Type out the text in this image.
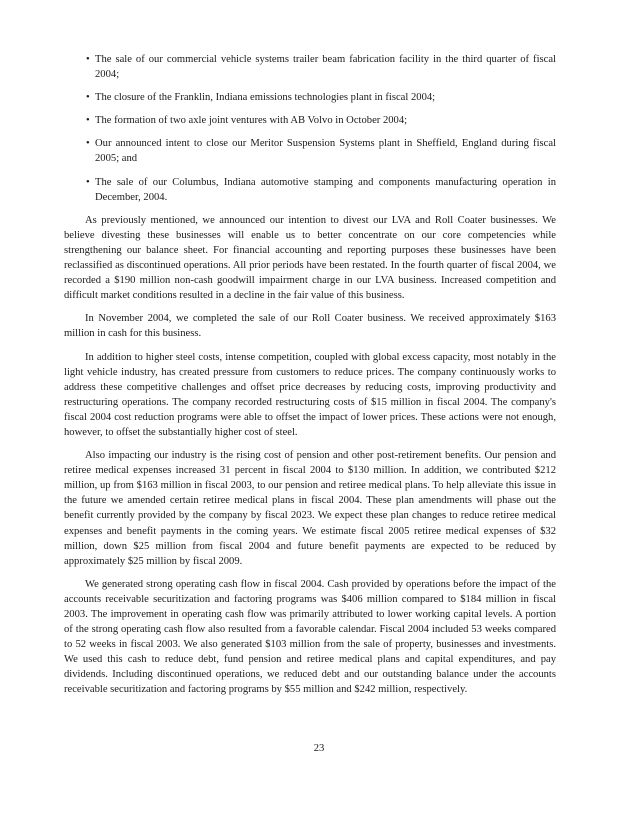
• The sale of our commercial vehicle systems trailer beam fabrication facility in the third quarter of fiscal 2004;
• The closure of the Franklin, Indiana emissions technologies plant in fiscal 2004;
• The formation of two axle joint ventures with AB Volvo in October 2004;
• Our announced intent to close our Meritor Suspension Systems plant in Sheffield, England during fiscal 2005; and
• The sale of our Columbus, Indiana automotive stamping and components manufacturing operation in December, 2004.

As previously mentioned, we announced our intention to divest our LVA and Roll Coater businesses. We believe divesting these businesses will enable us to better concentrate on our core competencies while strengthening our balance sheet. For financial accounting and reporting purposes these businesses have been reclassified as discontinued operations. All prior periods have been restated. In the fourth quarter of fiscal 2004, we recorded a $190 million non-cash goodwill impairment charge in our LVA business. Increased competition and difficult market conditions resulted in a decline in the fair value of this business.

In November 2004, we completed the sale of our Roll Coater business. We received approximately $163 million in cash for this business.

In addition to higher steel costs, intense competition, coupled with global excess capacity, most notably in the light vehicle industry, has created pressure from customers to reduce prices. The company continuously works to address these competitive challenges and offset price decreases by reducing costs, improving productivity and restructuring operations. The company recorded restructuring costs of $15 million in fiscal 2004. The company's fiscal 2004 cost reduction programs were able to offset the impact of lower prices. These actions were not enough, however, to offset the substantially higher cost of steel.

Also impacting our industry is the rising cost of pension and other post-retirement benefits. Our pension and retiree medical expenses increased 31 percent in fiscal 2004 to $130 million. In addition, we contributed $212 million, up from $163 million in fiscal 2003, to our pension and retiree medical plans. To help alleviate this issue in the future we amended certain retiree medical plans in fiscal 2004. These plan amendments will phase out the benefit currently provided by the company by fiscal 2023. We expect these plan changes to reduce retiree medical expenses and benefit payments in the coming years. We estimate fiscal 2005 retiree medical expenses of $32 million, down $25 million from fiscal 2004 and future benefit payments are expected to be reduced by approximately $25 million by fiscal 2009.

We generated strong operating cash flow in fiscal 2004. Cash provided by operations before the impact of the accounts receivable securitization and factoring programs was $406 million compared to $184 million in fiscal 2003. The improvement in operating cash flow was primarily attributed to lower working capital levels. A portion of the strong operating cash flow also resulted from a favorable calendar. Fiscal 2004 included 53 weeks compared to 52 weeks in fiscal 2003. We also generated $103 million from the sale of property, businesses and investments. We used this cash to reduce debt, fund pension and retiree medical plans and capital expenditures, and pay dividends. Including discontinued operations, we reduced debt and our outstanding balance under the accounts receivable securitization and factoring programs by $55 million and $242 million, respectively.

23
